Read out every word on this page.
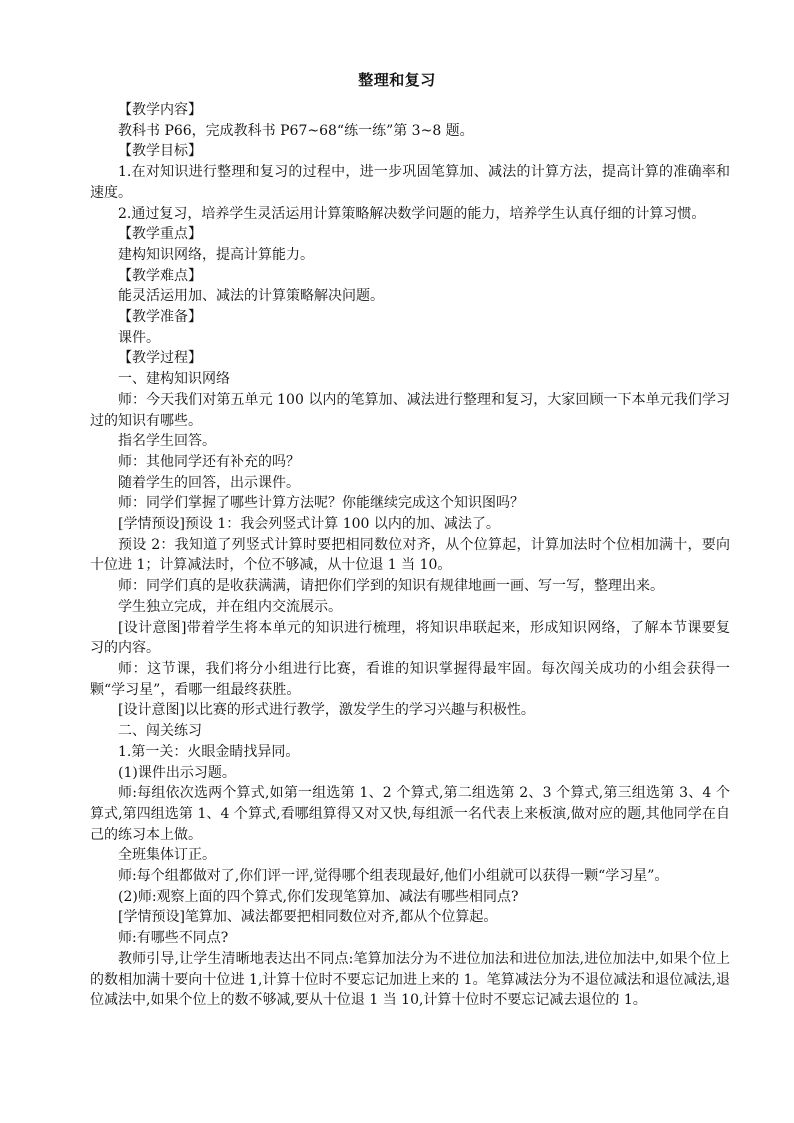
整理和复习

【教学内容】

教科书 P66，完成教科书 P67~68“练一练”第 3~8 题。

【教学目标】

1.在对知识进行整理和复习的过程中，进一步巩固笔算加、减法的计算方法，提高计算的准确率和速度。

2.通过复习，培养学生灵活运用计算策略解决数学问题的能力，培养学生认真仔细的计算习惯。

【教学重点】

建构知识网络，提高计算能力。

【教学难点】

能灵活运用加、减法的计算策略解决问题。

【教学准备】

课件。

【教学过程】

一、建构知识网络

师：今天我们对第五单元 100 以内的笔算加、减法进行整理和复习，大家回顾一下本单元我们学习过的知识有哪些。

指名学生回答。

师：其他同学还有补充的吗？

随着学生的回答，出示课件。

师：同学们掌握了哪些计算方法呢？你能继续完成这个知识图吗？

[学情预设]预设 1：我会列竖式计算 100 以内的加、减法了。

预设 2：我知道了列竖式计算时要把相同数位对齐，从个位算起，计算加法时个位相加满十，要向十位进 1；计算减法时，个位不够减，从十位退 1 当 10。

师：同学们真的是收获满满，请把你们学到的知识有规律地画一画、写一写，整理出来。

学生独立完成，并在组内交流展示。

[设计意图]带着学生将本单元的知识进行梳理，将知识串联起来，形成知识网络，了解本节课要复习的内容。

师：这节课，我们将分小组进行比赛，看谁的知识掌握得最牢固。每次闯关成功的小组会获得一颗“学习星”，看哪一组最终获胜。

[设计意图]以比赛的形式进行教学，激发学生的学习兴趣与积极性。

二、闯关练习

1.第一关：火眼金睛找异同。

(1)课件出示习题。

师:每组依次选两个算式,如第一组选第 1、2 个算式,第二组选第 2、3 个算式,第三组选第 3、4 个算式,第四组选第 1、4 个算式,看哪组算得又对又快,每组派一名代表上来板演,做对应的题,其他同学在自己的练习本上做。

全班集体订正。

师:每个组都做对了,你们评一评,觉得哪个组表现最好,他们小组就可以获得一颗“学习星”。

(2)师:观察上面的四个算式,你们发现笔算加、减法有哪些相同点?

[学情预设]笔算加、减法都要把相同数位对齐,都从个位算起。

师:有哪些不同点?

教师引导,让学生清晰地表达出不同点:笔算加法分为不进位加法和进位加法,进位加法中,如果个位上的数相加满十要向十位进 1,计算十位时不要忘记加进上来的 1。笔算减法分为不退位减法和退位减法,退位减法中,如果个位上的数不够减,要从十位退 1 当 10,计算十位时不要忘记减去退位的 1。
